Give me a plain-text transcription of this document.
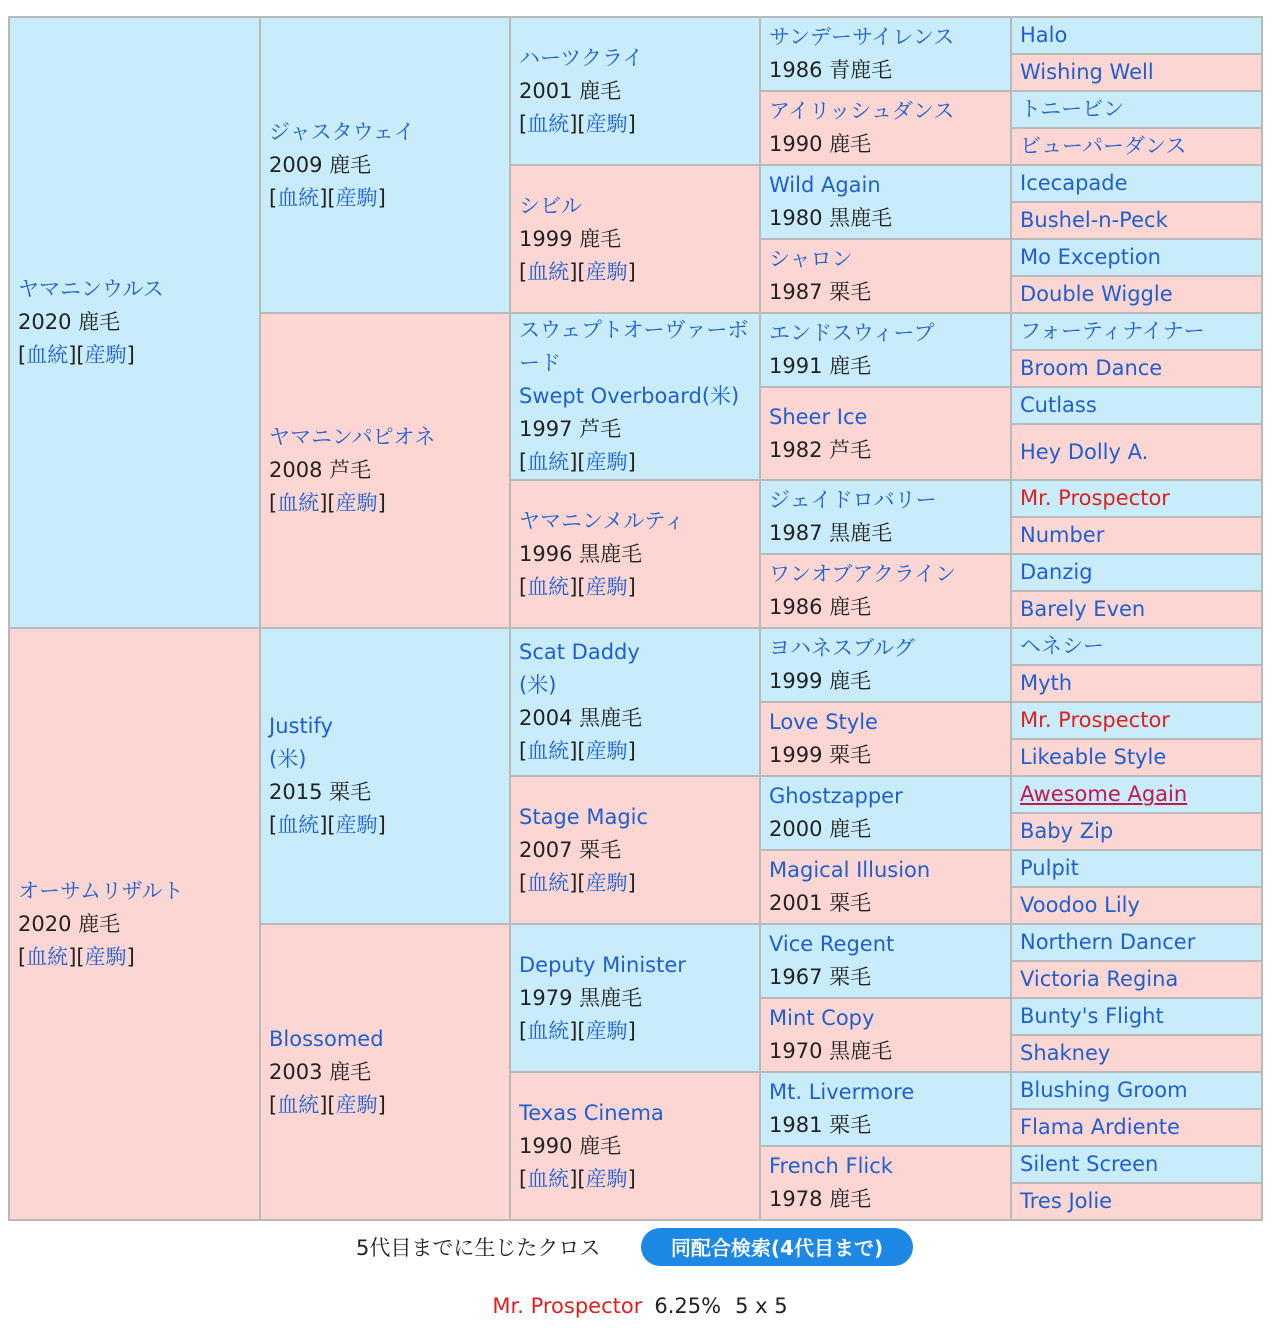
ヤマニンウルス
2020 鹿毛
[血統][産駒]	ジャスタウェイ
2009 鹿毛
[血統][産駒]	ハーツクライ
2001 鹿毛
[血統][産駒]	サンデーサイレンス
1986 青鹿毛	Halo

				Wishing Well

			アイリッシュダンス
1990 鹿毛	トニービン

				ビューパーダンス

		シビル
1999 鹿毛
[血統][産駒]	Wild Again
1980 黒鹿毛	Icecapade

				Bushel-n-Peck

			シャロン
1987 栗毛	Mo Exception

				Double Wiggle

	ヤマニンパピオネ
2008 芦毛
[血統][産駒]	スウェプトオーヴァーボード
Swept Overboard(米)
1997 芦毛
[血統][産駒]	エンドスウィープ
1991 鹿毛	フォーティナイナー

				Broom Dance

			Sheer Ice
1982 芦毛	Cutlass

				Hey Dolly A.

		ヤマニンメルティ
1996 黒鹿毛
[血統][産駒]	ジェイドロバリー
1987 黒鹿毛	Mr. Prospector

				Number

			ワンオブアクライン
1986 鹿毛	Danzig

				Barely Even

オーサムリザルト
2020 鹿毛
[血統][産駒]	Justify
(米)
2015 栗毛
[血統][産駒]	Scat Daddy
(米)
2004 黒鹿毛
[血統][産駒]	ヨハネスブルグ
1999 鹿毛	ヘネシー

				Myth

			Love Style
1999 栗毛	Mr. Prospector

				Likeable Style

		Stage Magic
2007 栗毛
[血統][産駒]	Ghostzapper
2000 鹿毛	Awesome Again

				Baby Zip

			Magical Illusion
2001 栗毛	Pulpit

				Voodoo Lily

	Blossomed
2003 鹿毛
[血統][産駒]	Deputy Minister
1979 黒鹿毛
[血統][産駒]	Vice Regent
1967 栗毛	Northern Dancer

				Victoria Regina

			Mint Copy
1970 黒鹿毛	Bunty's Flight

				Shakney

		Texas Cinema
1990 鹿毛
[血統][産駒]	Mt. Livermore
1981 栗毛	Blushing Groom

				Flama Ardiente

			French Flick
1978 鹿毛	Silent Screen

				Tres Jolie
5代目までに生じたクロス	同配合検索(4代目まで)
Mr. Prospector 6.25% 5 x 5
